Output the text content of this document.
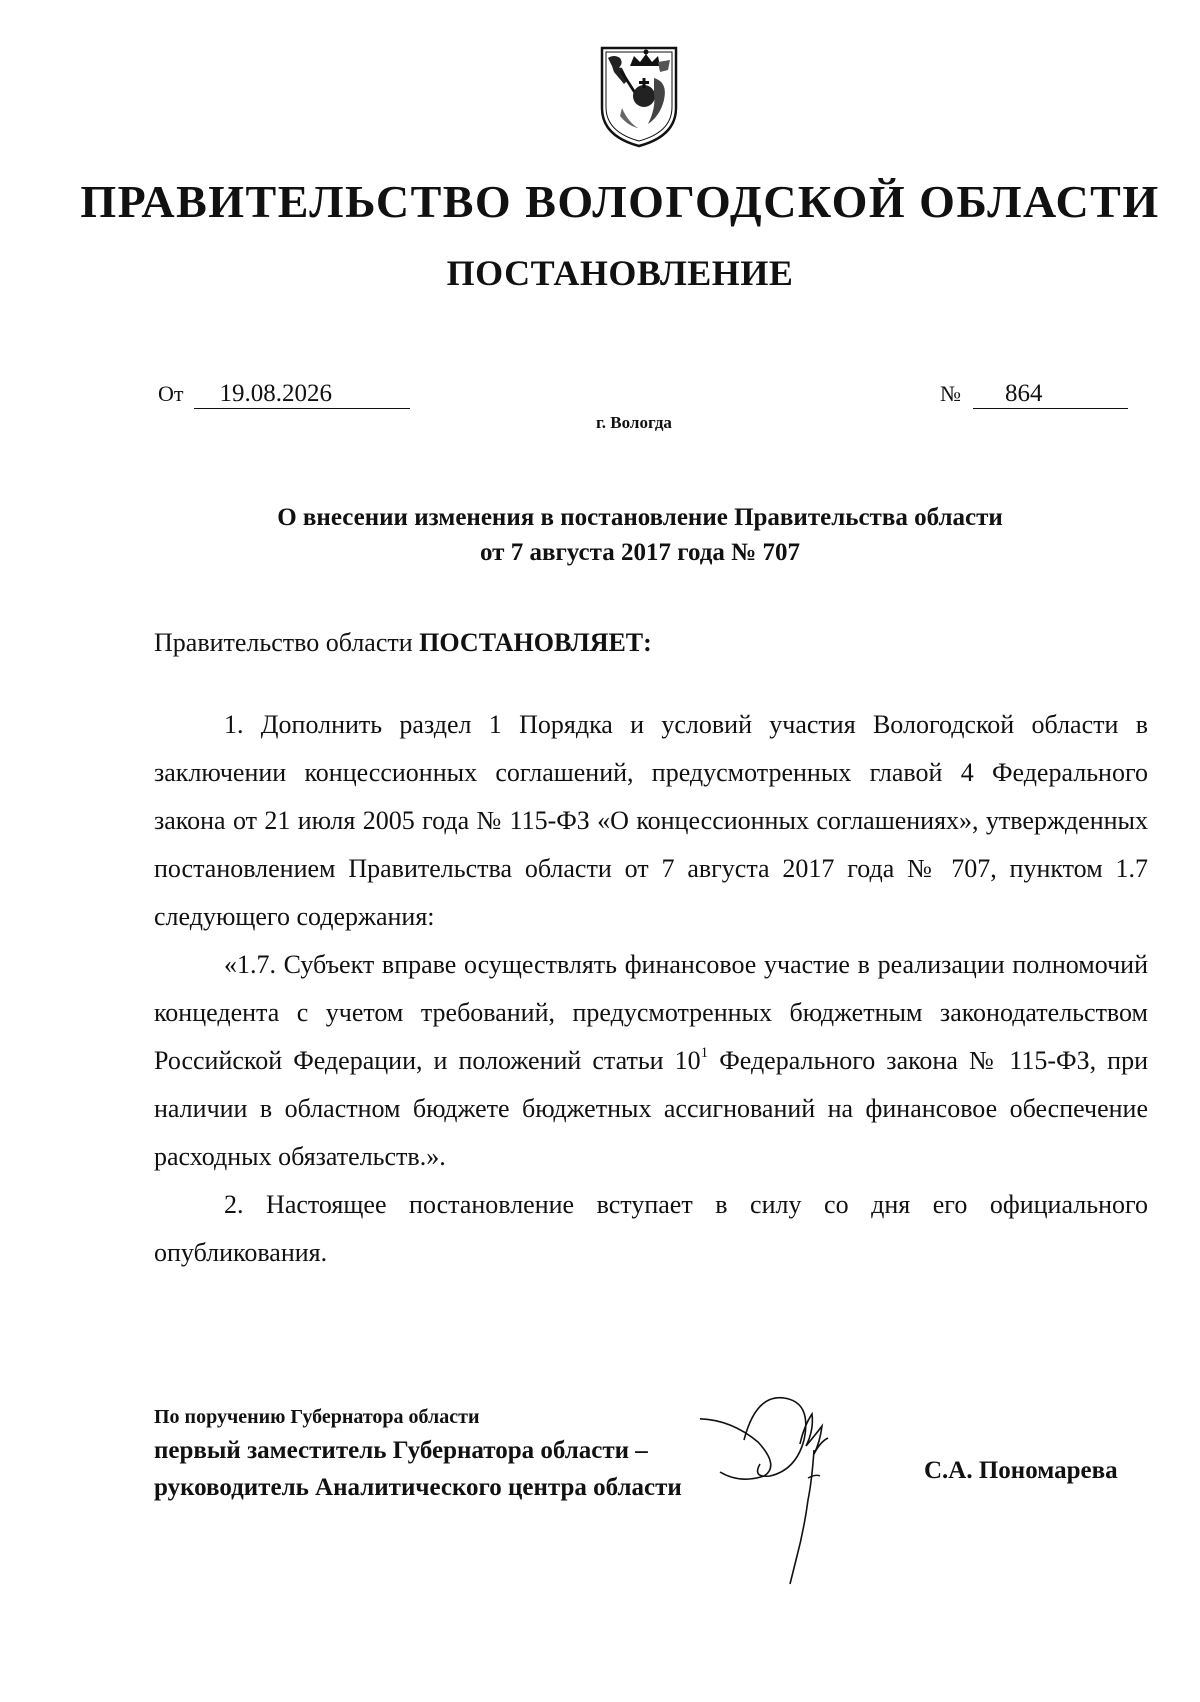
ПРАВИТЕЛЬСТВО ВОЛОГОДСКОЙ ОБЛАСТИ
ПОСТАНОВЛЕНИЕ
От 19.08.2026	№ 864
г. Вологда
О внесении изменения в постановление Правительства области
от 7 августа 2017 года № 707
Правительство области ПОСТАНОВЛЯЕТ:

1. Дополнить раздел 1 Порядка и условий участия Вологодской области в заключении концессионных соглашений, предусмотренных главой 4 Федерального закона от 21 июля 2005 года № 115-ФЗ «О концессионных соглашениях», утвержденных постановлением Правительства области от 7 августа 2017 года № 707, пунктом 1.7 следующего содержания:

«1.7. Субъект вправе осуществлять финансовое участие в реализации полномочий концедента с учетом требований, предусмотренных бюджетным законодательством Российской Федерации, и положений статьи $10^1$ Федерального закона № 115-ФЗ, при наличии в областном бюджете бюджетных ассигнований на финансовое обеспечение расходных обязательств.».

2. Настоящее постановление вступает в силу со дня его официального опубликования.

По поручению Губернатора области
первый заместитель Губернатора области –
руководитель Аналитического центра области
С.А. Пономарева
